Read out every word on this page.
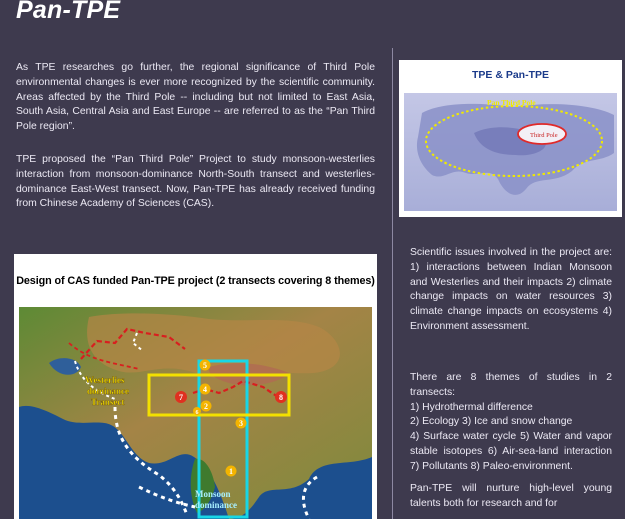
Pan-TPE

As TPE researches go further, the regional significance of Third Pole environmental changes is ever more recognized by the scientific community. Areas affected by the Third Pole -- including but not limited to East Asia, South Asia, Central Asia and East Europe -- are referred to as the “Pan Third Pole region”.

TPE proposed the “Pan Third Pole” Project to study monsoon-westerlies interaction from monsoon-dominance North-South transect and westerlies-dominance East-West transect. Now, Pan-TPE has already received funding from Chinese Academy of Sciences (CAS).

TPE & Pan-TPE
Pan Third Pole
Third Pole
Design of CAS funded Pan-TPE project (2 transects covering 8 themes)
5
4
7
2
8
3
1
6
Westerlies
dominance
Transect
Monsoon
dominance

Scientific issues involved in the project are: 1) interactions between Indian Monsoon and Westerlies and their impacts 2) climate change impacts on water resources 3) climate change impacts on ecosystems 4) Environment assessment.

There are 8 themes of studies in 2 transects:
1) Hydrothermal difference
2) Ecology 3) Ice and snow change
4) Surface water cycle 5) Water and vapor stable isotopes 6) Air-sea-land interaction 7) Pollutants 8) Paleo-environment.

Pan-TPE will nurture high-level young talents both for research and for
